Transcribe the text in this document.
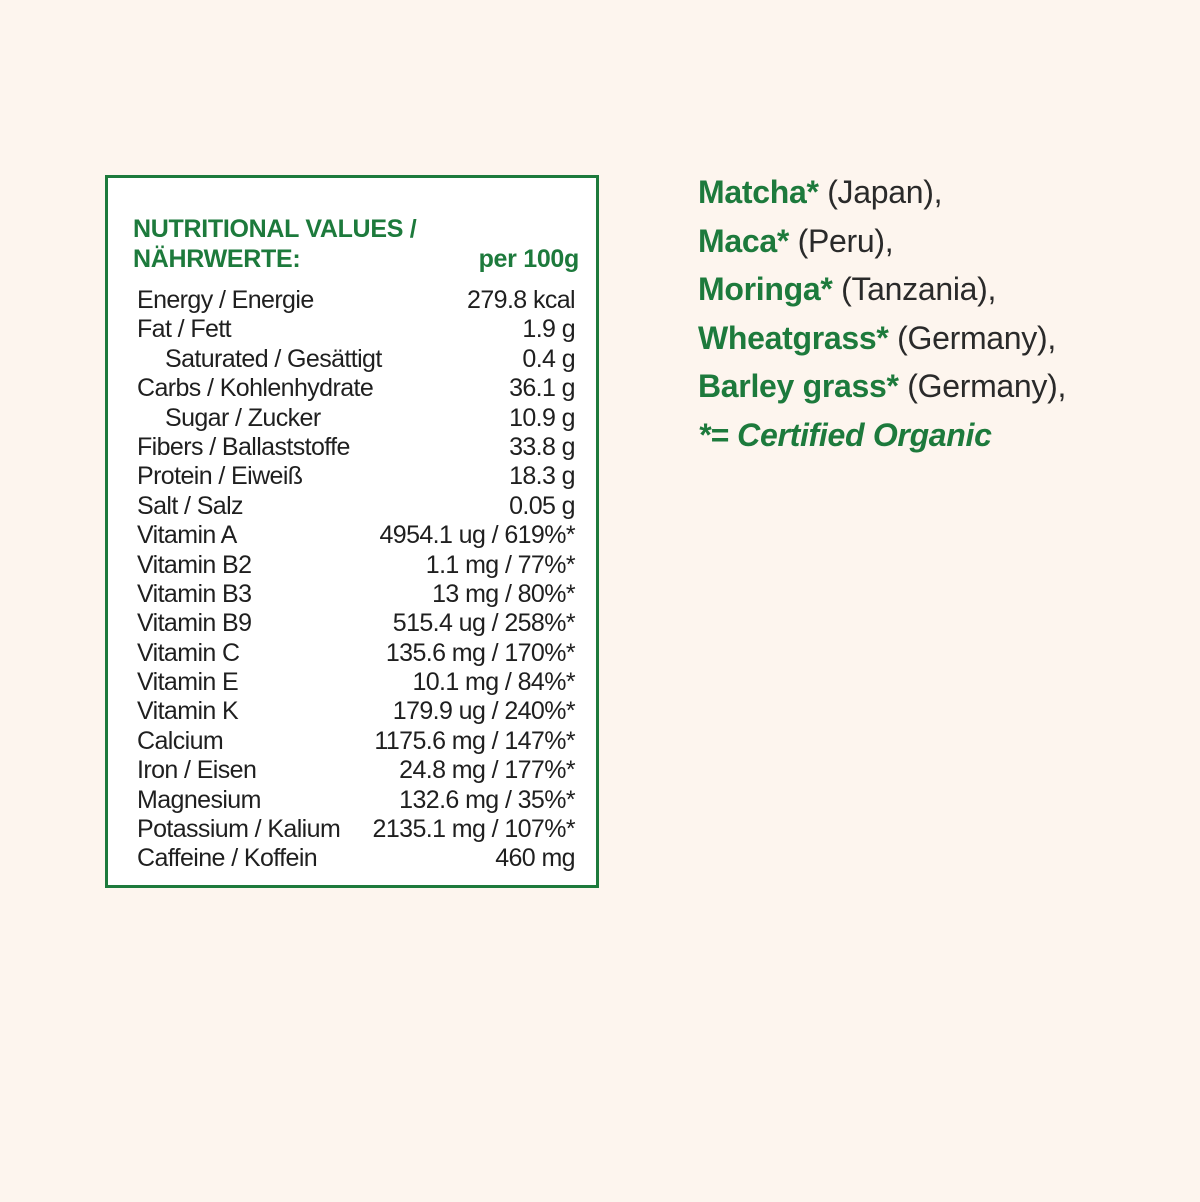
NUTRITIONAL VALUES /
NÄHRWERTE:	per 100g
Energy / Energie	279.8 kcal
Fat / Fett	1.9 g
Saturated / Gesättigt	0.4 g
Carbs / Kohlenhydrate	36.1 g
Sugar / Zucker	10.9 g
Fibers / Ballaststoffe	33.8 g
Protein / Eiweiß	18.3 g
Salt / Salz	0.05 g
Vitamin A	4954.1 ug / 619%*
Vitamin B2	1.1 mg / 77%*
Vitamin B3	13 mg / 80%*
Vitamin B9	515.4 ug / 258%*
Vitamin C	135.6 mg / 170%*
Vitamin E	10.1 mg / 84%*
Vitamin K	179.9 ug / 240%*
Calcium	1175.6 mg / 147%*
Iron / Eisen	24.8 mg / 177%*
Magnesium	132.6 mg / 35%*
Potassium / Kalium 2135.1 mg / 107%*
Caffeine / Koffein	460 mg
Matcha* (Japan),
Maca* (Peru),
Moringa* (Tanzania),
Wheatgrass* (Germany),
Barley grass* (Germany),
*= Certified Organic
